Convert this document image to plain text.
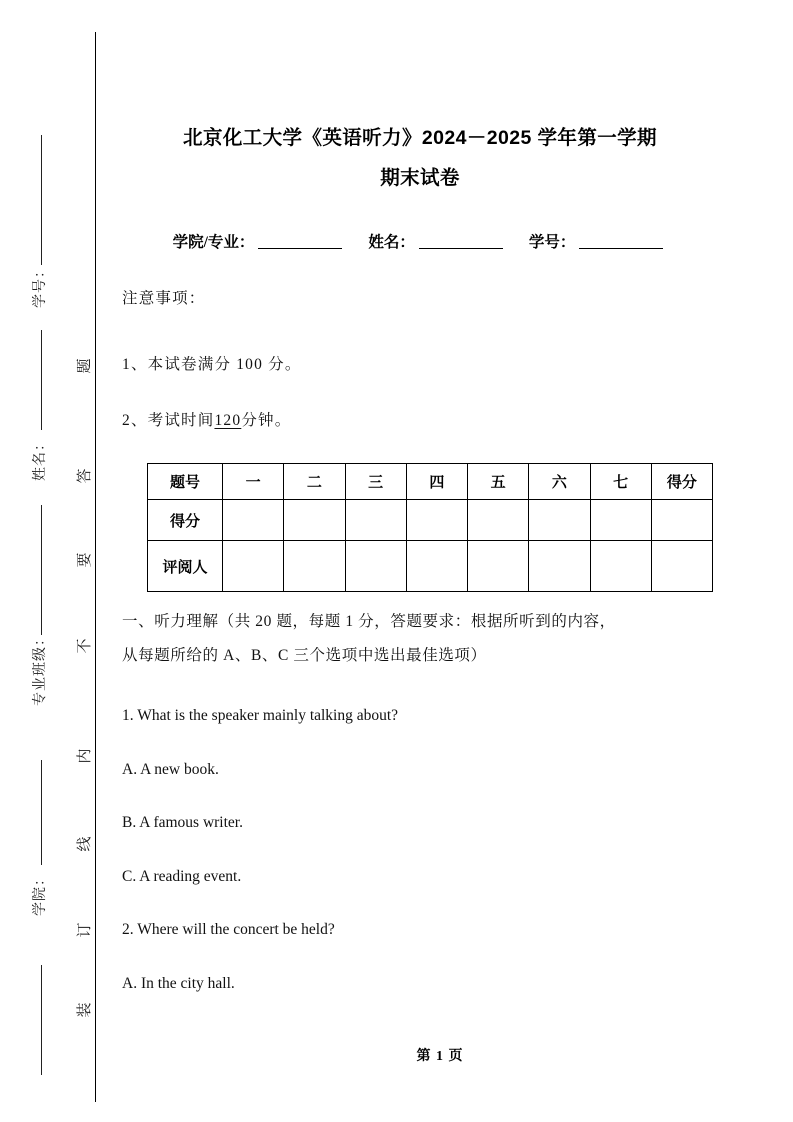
学号：
姓名：
专业班级：
学院：
题
答
要
不
内
线
订
装
北京化工大学《英语听力》2024－2025 学年第一学期
期末试卷
学院/专业：	姓名：	学号：
注意事项：
1、本试卷满分 100 分。
2、考试时间120分钟。
题号	一	二	三	四	五	六	七	得分
得分								
评阅人								
一、听力理解（共 20 题，每题 1 分，答题要求：根据所听到的内容，
从每题所给的 A、B、C 三个选项中选出最佳选项）
1. What is the speaker mainly talking about?
A. A new book.
B. A famous writer.
C. A reading event.
2. Where will the concert be held?
A. In the city hall.
第 1 页
